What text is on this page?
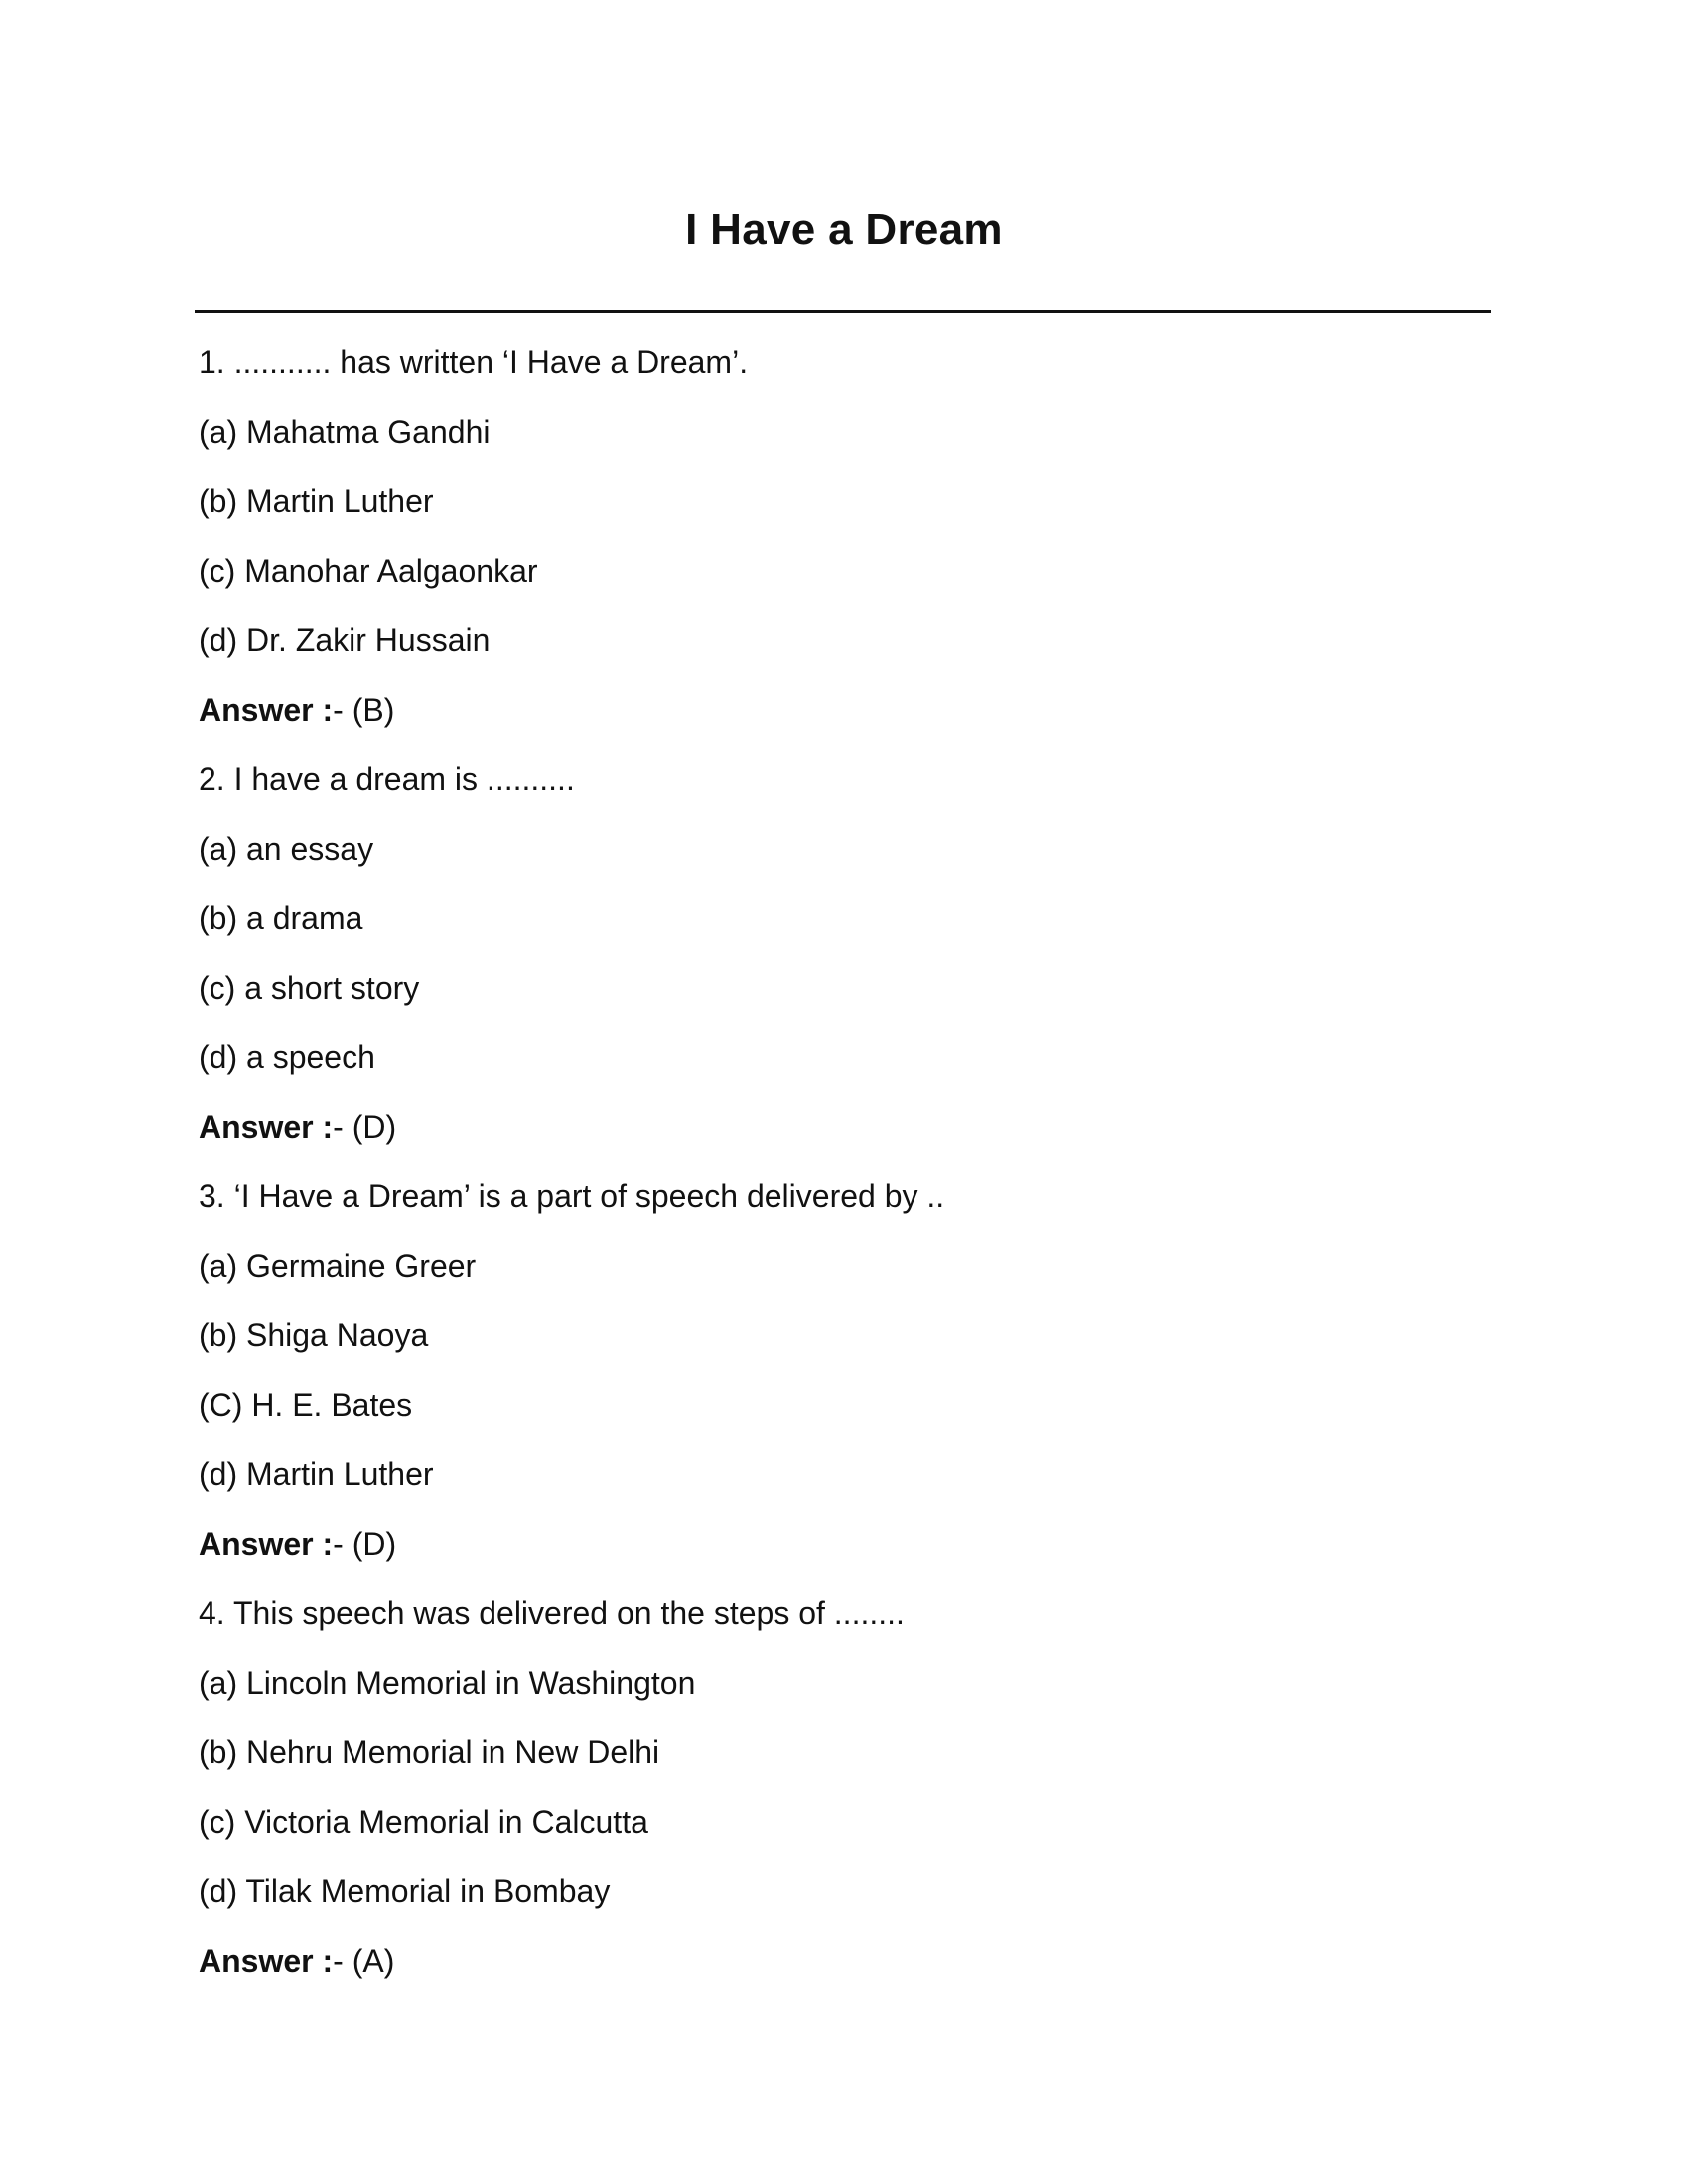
I Have a Dream
1. ........... has written ‘I Have a Dream’.
(a) Mahatma Gandhi
(b) Martin Luther
(c) Manohar Aalgaonkar
(d) Dr. Zakir Hussain
Answer :- (B)
2. I have a dream is ..........
(a) an essay
(b) a drama
(c) a short story
(d) a speech
Answer :- (D)
3. ‘I Have a Dream’ is a part of speech delivered by ..
(a) Germaine Greer
(b) Shiga Naoya
(C) H. E. Bates
(d) Martin Luther
Answer :- (D)
4. This speech was delivered on the steps of ........
(a) Lincoln Memorial in Washington
(b) Nehru Memorial in New Delhi
(c) Victoria Memorial in Calcutta
(d) Tilak Memorial in Bombay
Answer :- (A)
